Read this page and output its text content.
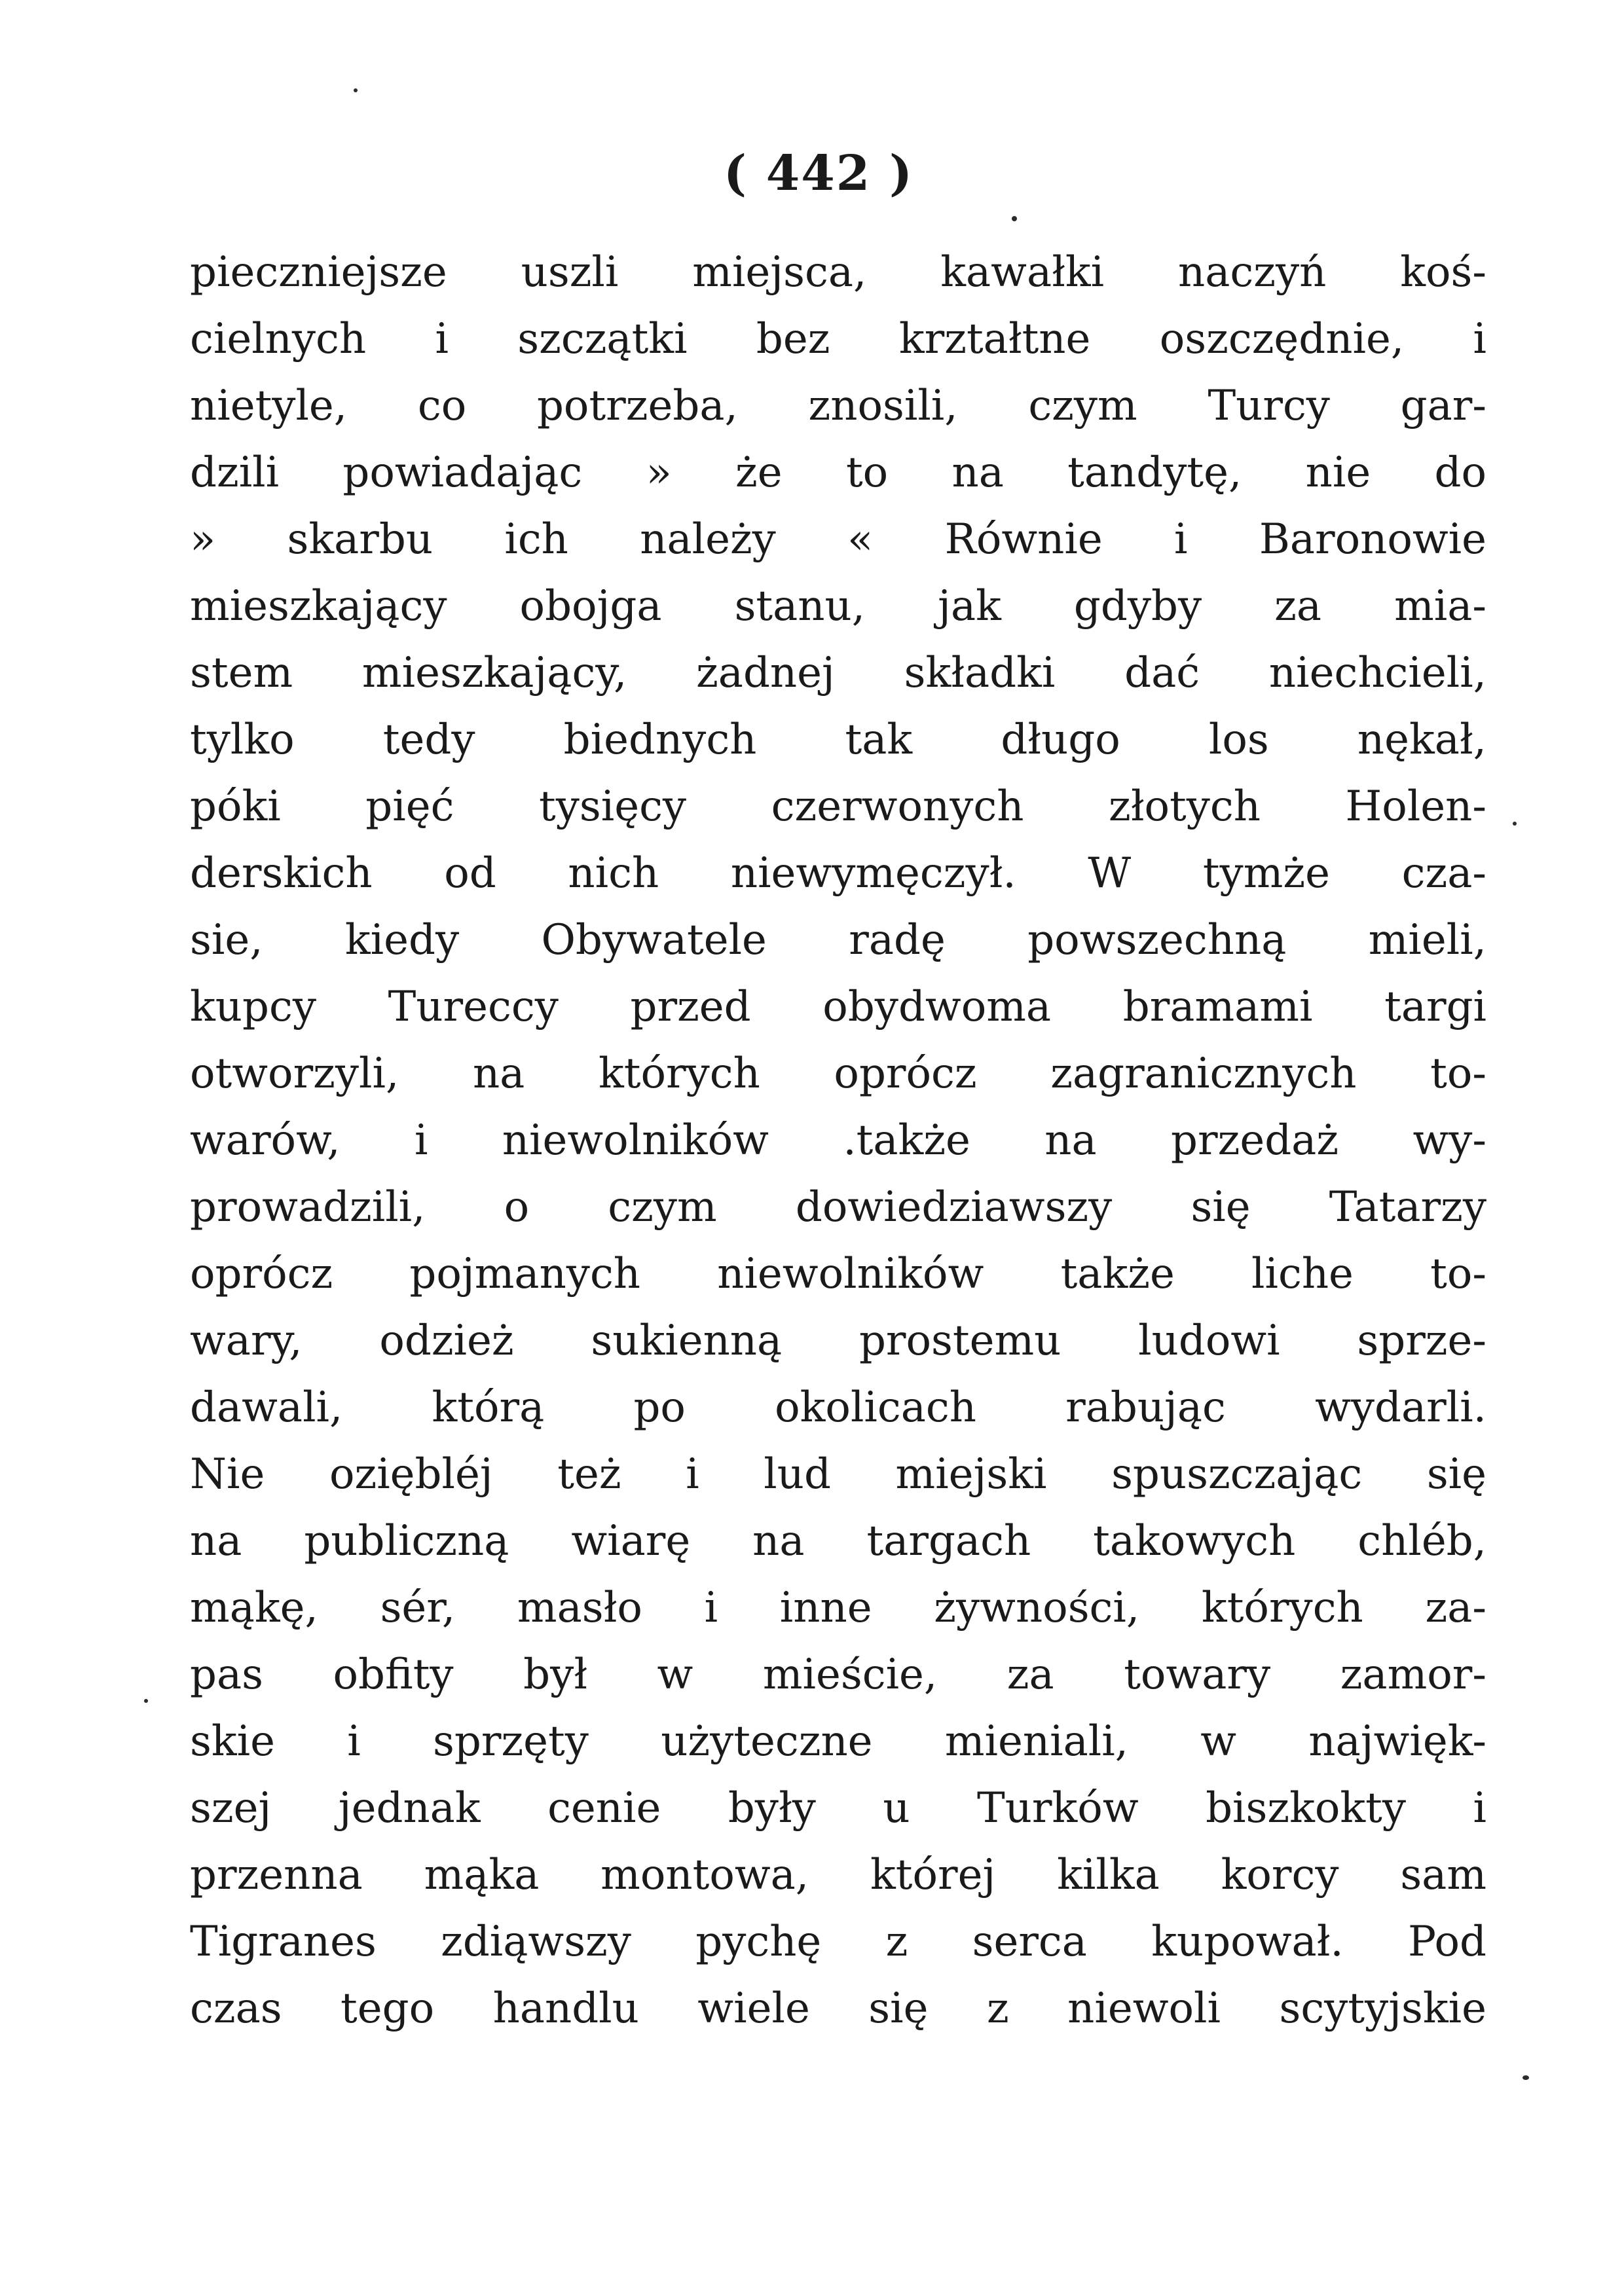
( 442 )
pieczniejsze uszli miejsca, kawałki naczyń koś-
cielnych i szczątki bez krztałtne oszczędnie, i
nietyle, co potrzeba, znosili, czym Turcy gar-
dzili powiadając » że to na tandytę, nie do
» skarbu ich należy « Równie i Baronowie
mieszkający obojga stanu, jak gdyby za mia-
stem mieszkający, żadnej składki dać niechcieli,
tylko tedy biednych tak długo los nękał,
póki pięć tysięcy czerwonych złotych Holen-
derskich od nich niewymęczył. W tymże cza-
sie, kiedy Obywatele radę powszechną mieli,
kupcy Tureccy przed obydwoma bramami targi
otworzyli, na których oprócz zagranicznych to-
warów, i niewolników .także na przedaż wy-
prowadzili, o czym dowiedziawszy się Tatarzy
oprócz pojmanych niewolników także liche to-
wary, odzież sukienną prostemu ludowi sprze-
dawali, którą po okolicach rabując wydarli.
Nie oziębléj też i lud miejski spuszczając się
na publiczną wiarę na targach takowych chléb,
mąkę, sér, masło i inne żywności, których za-
pas obfity był w mieście, za towary zamor-
skie i sprzęty użyteczne mieniali, w najwięk-
szej jednak cenie były u Turków biszkokty i
przenna mąka montowa, której kilka korcy sam
Tigranes zdiąwszy pychę z serca kupował. Pod
czas tego handlu wiele się z niewoli scytyjskie
